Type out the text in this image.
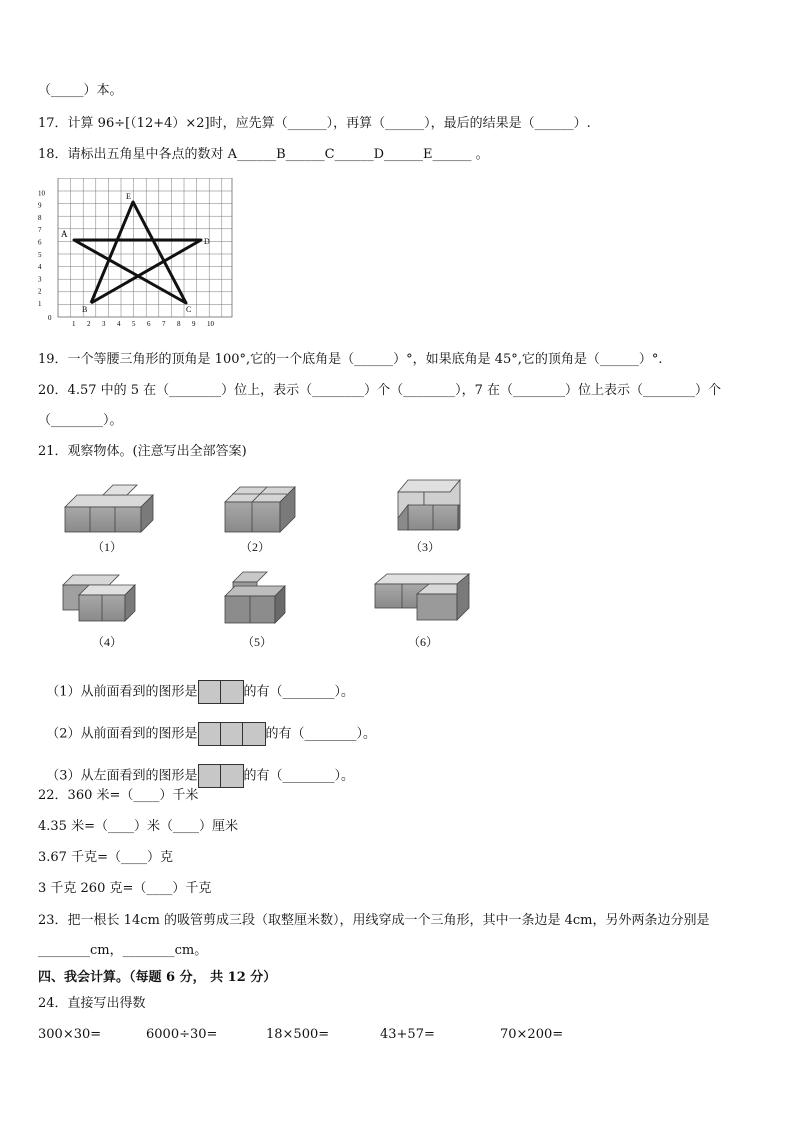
（_____）本。
17．计算 96÷[（12+4）×2]时，应先算（______），再算（______），最后的结果是（______）.
18．请标出五角星中各点的数对 A______B______C______D______E______ 。
A
B	C
D
E
0
1 2 3 4 5 6 7 8 9 10
1
2
3
4
5
6
7
8
9
10
19．一个等腰三角形的顶角是 100°,它的一个底角是（______）°，如果底角是 45°,它的顶角是（______）°.
20．4.57 中的 5 在（________）位上，表示（________）个（________），7 在（________）位上表示（________）个
（________）。
21．观察物体。(注意写出全部答案)
（1）	（2）	（3）
（4）	（5）	（6）

（1）从前面看到的图形是	的有（________）。

（2）从前面看到的图形是	的有（________）。

（3）从左面看到的图形是	的有（________）。

22．360 米=（____）千米
4.35 米=（____）米（____）厘米
3.67 千克=（____）克
3 千克 260 克=（____）千克
23．把一根长 14cm 的吸管剪成三段（取整厘米数），用线穿成一个三角形，其中一条边是 4cm，另外两条边分别是
________cm，________cm。
四、我会计算。（每题 6 分， 共 12 分）
24．直接写出得数
300×30=	6000÷30=	18×500=	43+57=	70×200=
